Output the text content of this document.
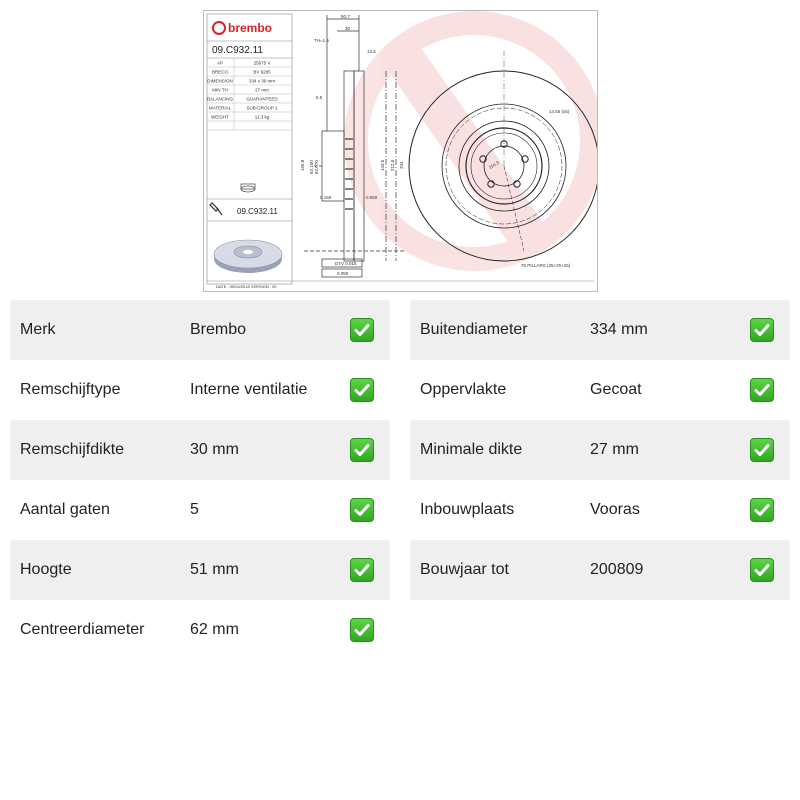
brembo
09.C932.11
AP	25675 V
BRECO	BV 9285
DIMENSION	334 x 30 mm
MIN TH	27 mm
BALANCING	GUARANTEED
MATERIAL	SUB-GROUP 1
WEIGHT	11.3 kg
09.C932.11
50.7
30
TH=1.5
13.5
6.5
156.8 62.100 62.070	143.6 212.6 334
0.150	0.050
DTV 0.015
0.050
14.55 (x5)
114.3
75 PILLARS (25+25+25)
DATE : 05/04/2018 VERSION : 00
Merk	Brembo
Remschijftype	Interne ventilatie
Remschijfdikte	30 mm
Aantal gaten	5
Hoogte	51 mm
Centreerdiameter	62 mm
Buitendiameter	334 mm
Oppervlakte	Gecoat
Minimale dikte	27 mm
Inbouwplaats	Vooras
Bouwjaar tot	200809
